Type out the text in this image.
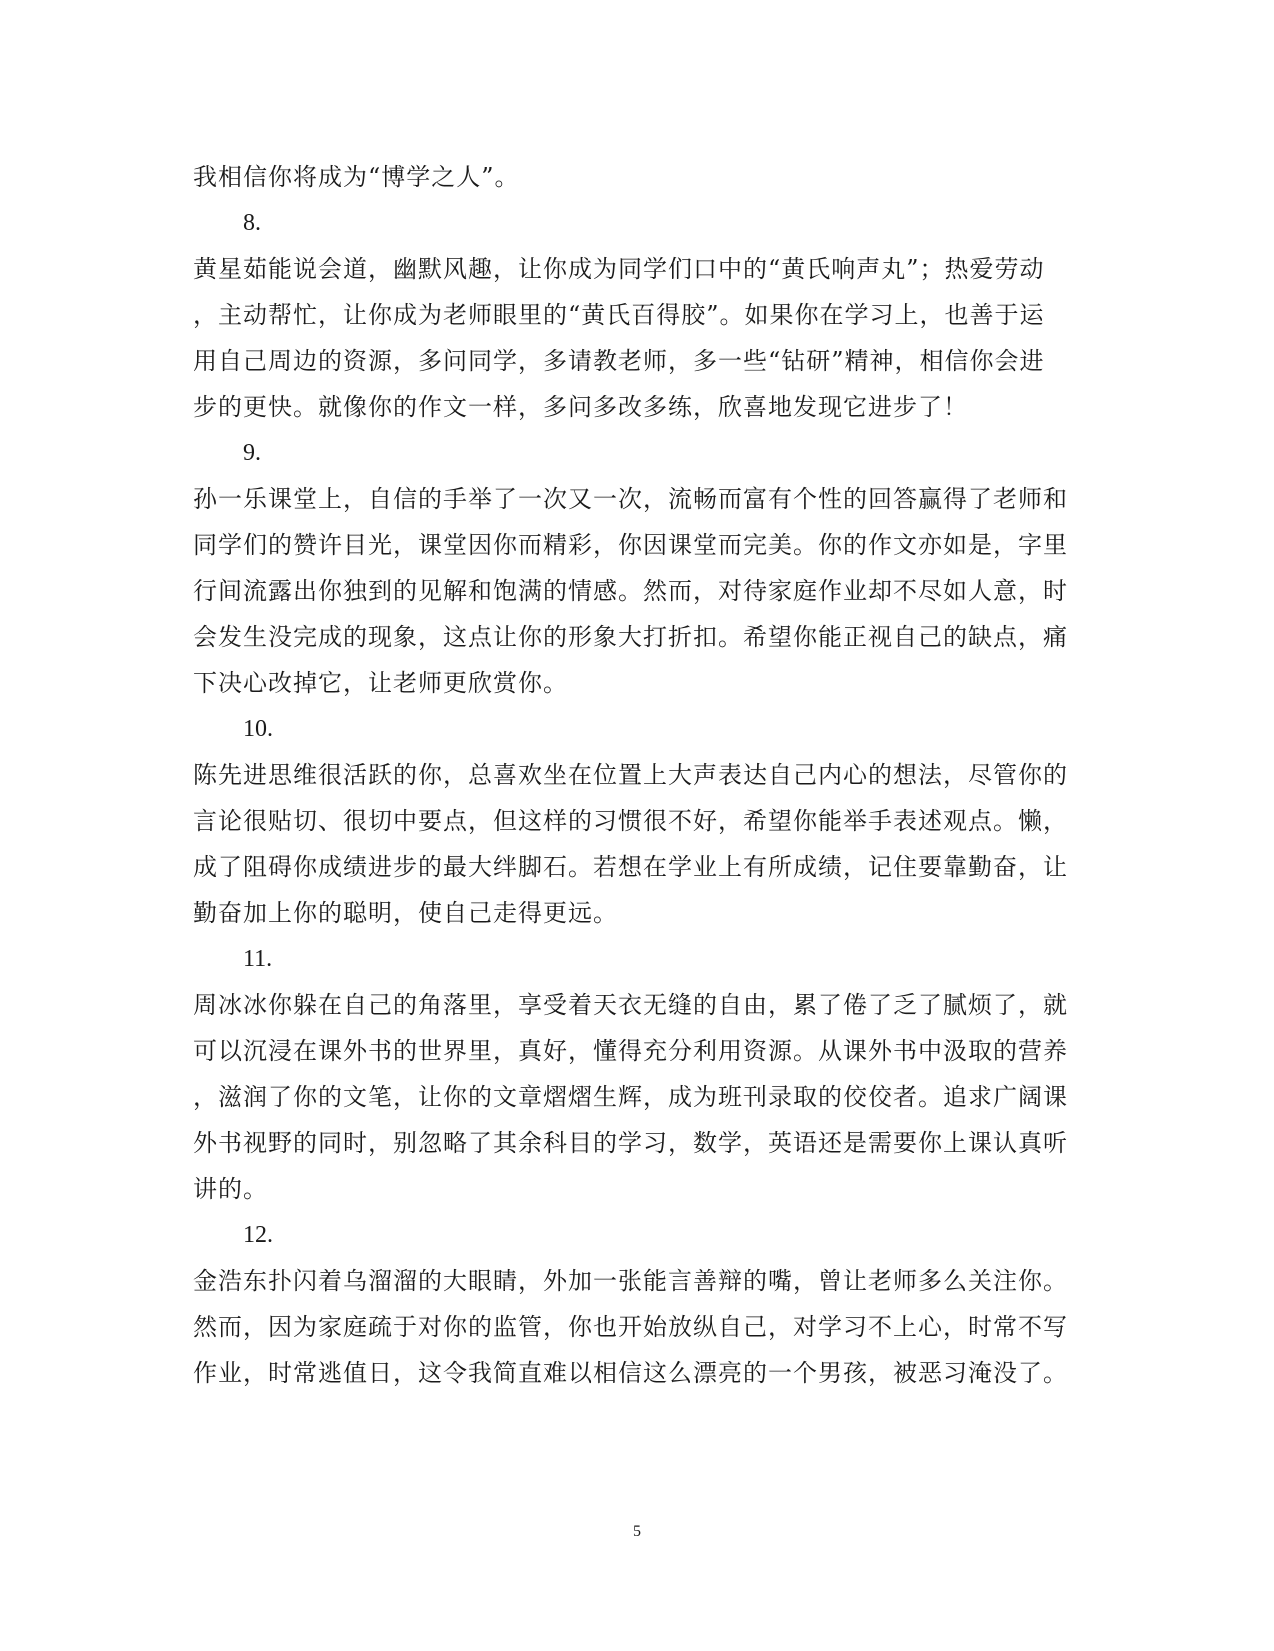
我相信你将成为“博学之人”。
8.
黄星茹能说会道，幽默风趣，让你成为同学们口中的“黄氏响声丸”；热爱劳动
，主动帮忙，让你成为老师眼里的“黄氏百得胶”。如果你在学习上，也善于运
用自己周边的资源，多问同学，多请教老师，多一些“钻研”精神，相信你会进
步的更快。就像你的作文一样，多问多改多练，欣喜地发现它进步了！
9.
孙一乐课堂上，自信的手举了一次又一次，流畅而富有个性的回答赢得了老师和
同学们的赞许目光，课堂因你而精彩，你因课堂而完美。你的作文亦如是，字里
行间流露出你独到的见解和饱满的情感。然而，对待家庭作业却不尽如人意，时
会发生没完成的现象，这点让你的形象大打折扣。希望你能正视自己的缺点，痛
下决心改掉它，让老师更欣赏你。
10.
陈先进思维很活跃的你，总喜欢坐在位置上大声表达自己内心的想法，尽管你的
言论很贴切、很切中要点，但这样的习惯很不好，希望你能举手表述观点。懒，
成了阻碍你成绩进步的最大绊脚石。若想在学业上有所成绩，记住要靠勤奋，让
勤奋加上你的聪明，使自己走得更远。
11.
周冰冰你躲在自己的角落里，享受着天衣无缝的自由，累了倦了乏了腻烦了，就
可以沉浸在课外书的世界里，真好，懂得充分利用资源。从课外书中汲取的营养
，滋润了你的文笔，让你的文章熠熠生辉，成为班刊录取的佼佼者。追求广阔课
外书视野的同时，别忽略了其余科目的学习，数学，英语还是需要你上课认真听
讲的。
12.
金浩东扑闪着乌溜溜的大眼睛，外加一张能言善辩的嘴，曾让老师多么关注你。
然而，因为家庭疏于对你的监管，你也开始放纵自己，对学习不上心，时常不写
作业，时常逃值日，这令我简直难以相信这么漂亮的一个男孩，被恶习淹没了。
5
